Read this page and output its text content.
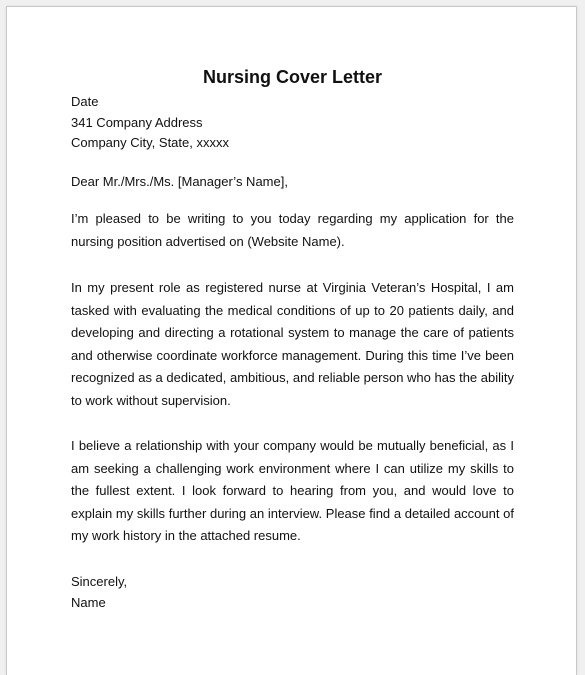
Nursing Cover Letter
Date
341 Company Address
Company City, State, xxxxx
Dear Mr./Mrs./Ms. [Manager’s Name],

I’m pleased to be writing to you today regarding my application for the nursing position advertised on (Website Name).

In my present role as registered nurse at Virginia Veteran’s Hospital, I am tasked with evaluating the medical conditions of up to 20 patients daily, and developing and directing a rotational system to manage the care of patients and otherwise coordinate workforce management. During this time I’ve been recognized as a dedicated, ambitious, and reliable person who has the ability to work without supervision.

I believe a relationship with your company would be mutually beneficial, as I am seeking a challenging work environment where I can utilize my skills to the fullest extent. I look forward to hearing from you, and would love to explain my skills further during an interview. Please find a detailed account of my work history in the attached resume.

Sincerely,
Name
